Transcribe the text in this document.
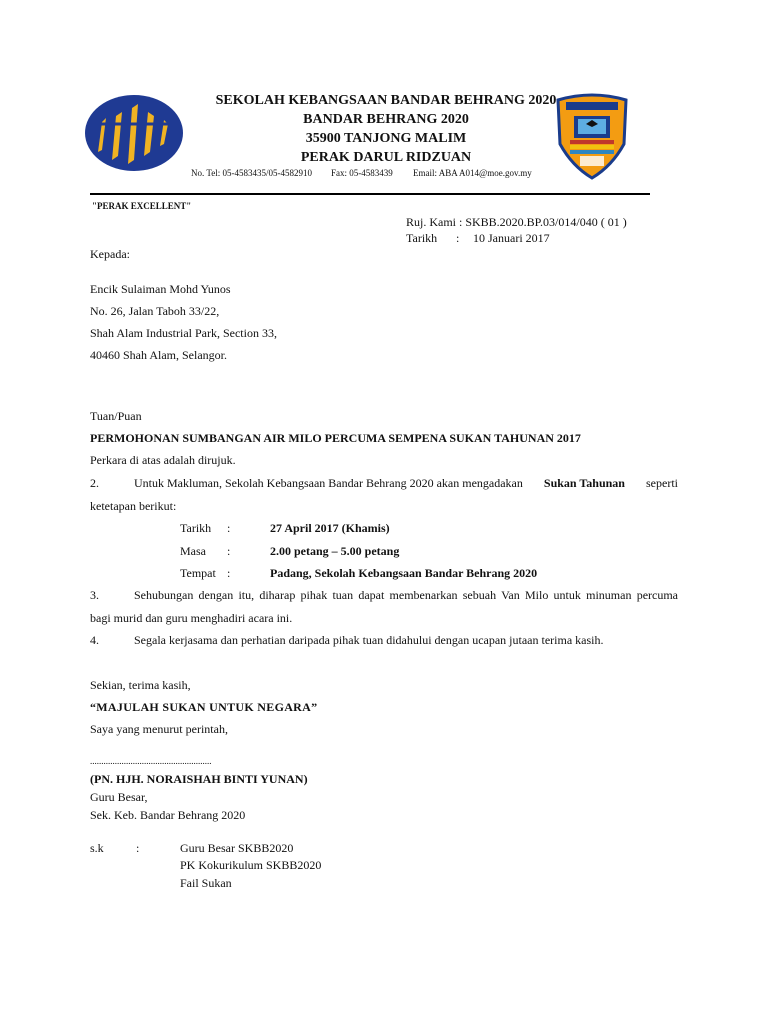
SEKOLAH KEBANGSAAN BANDAR BEHRANG 2020
BANDAR BEHRANG 2020
35900 TANJONG MALIM
PERAK DARUL RIDZUAN
No. Tel: 05-4583435/05-4582910 Fax: 05-4583439 Email: ABA A014@moe.gov.my
"PERAK EXCELLENT"
Ruj. Kami : SKBB.2020.BP.03/014/040 ( 01 )
Tarikh : 10 Januari 2017
Kepada:
Encik Sulaiman Mohd Yunos
No. 26, Jalan Taboh 33/22,
Shah Alam Industrial Park, Section 33,
40460 Shah Alam, Selangor.
Tuan/Puan
PERMOHONAN SUMBANGAN AIR MILO PERCUMA SEMPENA SUKAN TAHUNAN 2017
Perkara di atas adalah dirujuk.
2.	Untuk Makluman, Sekolah Kebangsaan Bandar Behrang 2020 akan mengadakan Sukan Tahunan seperti
ketetapan berikut:
Tarikh :	27 April 2017 (Khamis)
Masa :	2.00 petang – 5.00 petang
Tempat :	Padang, Sekolah Kebangsaan Bandar Behrang 2020
3.	Sehubungan dengan itu, diharap pihak tuan dapat membenarkan sebuah Van Milo untuk minuman percuma
bagi murid dan guru menghadiri acara ini.
4.	Segala kerjasama dan perhatian daripada pihak tuan didahului dengan ucapan jutaan terima kasih.
Sekian, terima kasih,
“MAJULAH SUKAN UNTUK NEGARA”
Saya yang menurut perintah,
......................................................
(PN. HJH. NORAISHAH BINTI YUNAN)
Guru Besar,
Sek. Keb. Bandar Behrang 2020
s.k	:	Guru Besar SKBB2020
PK Kokurikulum SKBB2020
Fail Sukan
